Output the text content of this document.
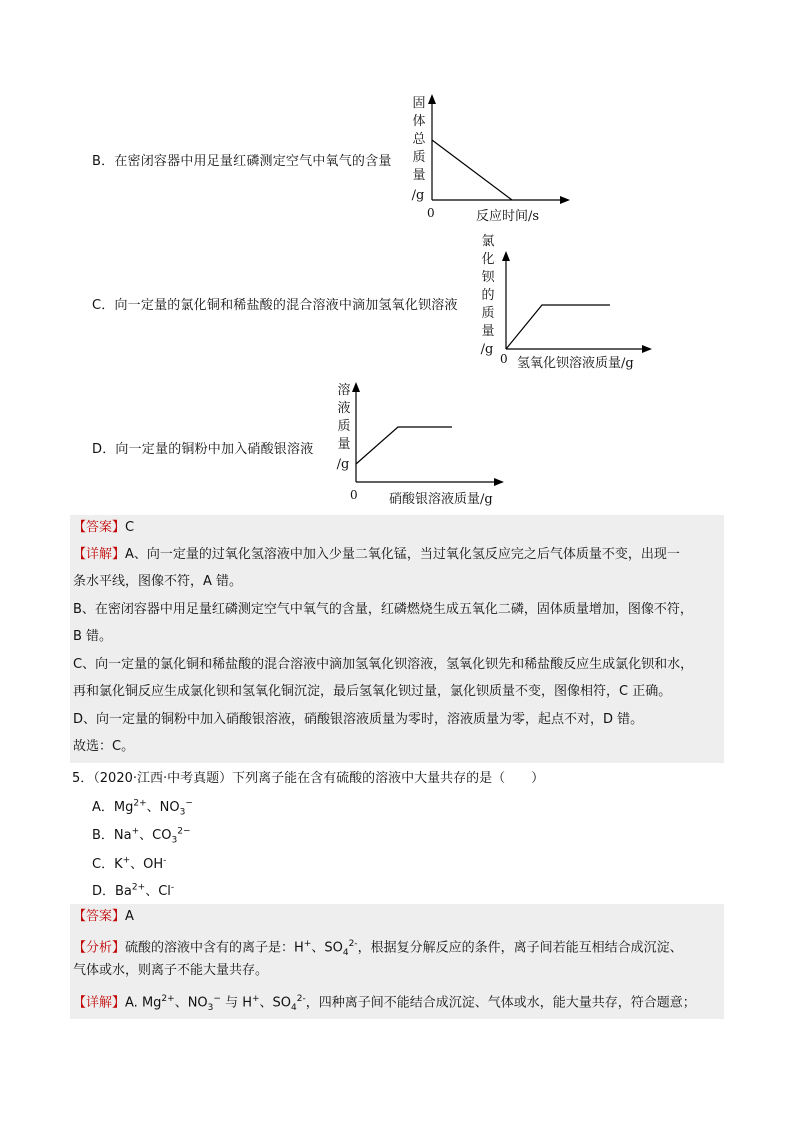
B．在密闭容器中用足量红磷测定空气中氧气的含量
固
体
总
质
量
/g
0	反应时间/s
C．向一定量的氯化铜和稀盐酸的混合溶液中滴加氢氧化钡溶液
氯
化
钡
的
质
量
/g
0 氢氧化钡溶液质量/g
D．向一定量的铜粉中加入硝酸银溶液
溶
液
质
量
/g
0 硝酸银溶液质量/g
【答案】C
【详解】A、向一定量的过氧化氢溶液中加入少量二氧化锰，当过氧化氢反应完之后气体质量不变，出现一
条水平线，图像不符，A 错。
B、在密闭容器中用足量红磷测定空气中氧气的含量，红磷燃烧生成五氧化二磷，固体质量增加，图像不符，
B 错。
C、向一定量的氯化铜和稀盐酸的混合溶液中滴加氢氧化钡溶液，氢氧化钡先和稀盐酸反应生成氯化钡和水，
再和氯化铜反应生成氯化钡和氢氧化铜沉淀，最后氢氧化钡过量，氯化钡质量不变，图像相符，C 正确。
D、向一定量的铜粉中加入硝酸银溶液，硝酸银溶液质量为零时，溶液质量为零，起点不对，D 错。
故选：C。
5．（2020·江西·中考真题）下列离子能在含有硫酸的溶液中大量共存的是（　　）
A．$Mg^{2+}$、$NO_3^-$
B．Na+、$CO_3^{2-}$
C．K+、OH-
D．$Ba^{2+}$、Cl-
【答案】A
【分析】硫酸的溶液中含有的离子是：H+、$SO_4^{2-}$，根据复分解反应的条件，离子间若能互相结合成沉淀、
气体或水，则离子不能大量共存。
【详解】A. $Mg^{2+}$、$NO_3^-$ 与 H+、$SO_4^{2-}$，四种离子间不能结合成沉淀、气体或水，能大量共存，符合题意；
